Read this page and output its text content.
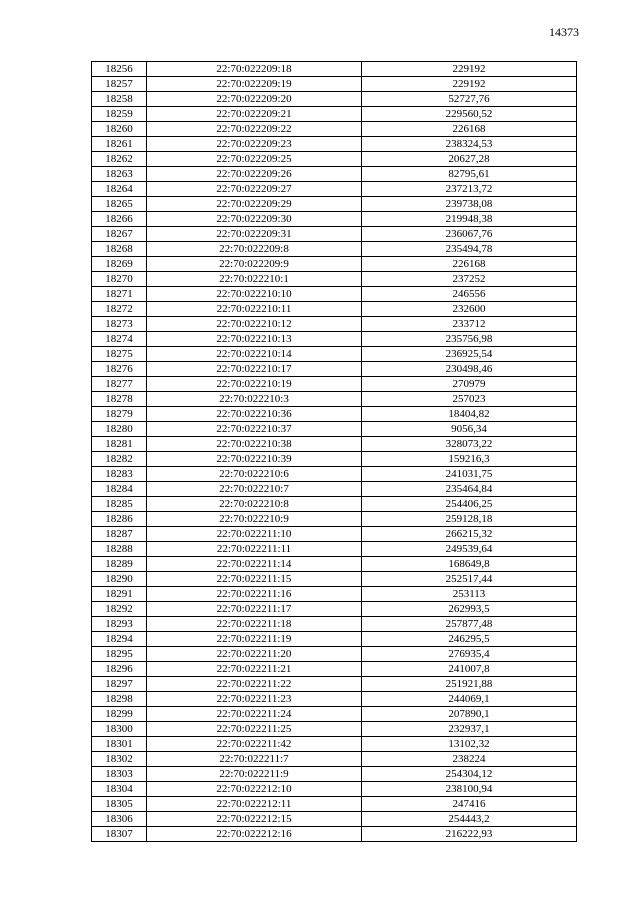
14373
18256	22:70:022209:18	229192
18257	22:70:022209:19	229192
18258	22:70:022209:20	52727,76
18259	22:70:022209:21	229560,52
18260	22:70:022209:22	226168
18261	22:70:022209:23	238324,53
18262	22:70:022209:25	20627,28
18263	22:70:022209:26	82795,61
18264	22:70:022209:27	237213,72
18265	22:70:022209:29	239738,08
18266	22:70:022209:30	219948,38
18267	22:70:022209:31	236067,76
18268	22:70:022209:8	235494,78
18269	22:70:022209:9	226168
18270	22:70:022210:1	237252
18271	22:70:022210:10	246556
18272	22:70:022210:11	232600
18273	22:70:022210:12	233712
18274	22:70:022210:13	235756,98
18275	22:70:022210:14	236925,54
18276	22:70:022210:17	230498,46
18277	22:70:022210:19	270979
18278	22:70:022210:3	257023
18279	22:70:022210:36	18404,82
18280	22:70:022210:37	9056,34
18281	22:70:022210:38	328073,22
18282	22:70:022210:39	159216,3
18283	22:70:022210:6	241031,75
18284	22:70:022210:7	235464,84
18285	22:70:022210:8	254406,25
18286	22:70:022210:9	259128,18
18287	22:70:022211:10	266215,32
18288	22:70:022211:11	249539,64
18289	22:70:022211:14	168649,8
18290	22:70:022211:15	252517,44
18291	22:70:022211:16	253113
18292	22:70:022211:17	262993,5
18293	22:70:022211:18	257877,48
18294	22:70:022211:19	246295,5
18295	22:70:022211:20	276935,4
18296	22:70:022211:21	241007,8
18297	22:70:022211:22	251921,88
18298	22:70:022211:23	244069,1
18299	22:70:022211:24	207890,1
18300	22:70:022211:25	232937,1
18301	22:70:022211:42	13102,32
18302	22:70:022211:7	238224
18303	22:70:022211:9	254304,12
18304	22:70:022212:10	238100,94
18305	22:70:022212:11	247416
18306	22:70:022212:15	254443,2
18307	22:70:022212:16	216222,93
